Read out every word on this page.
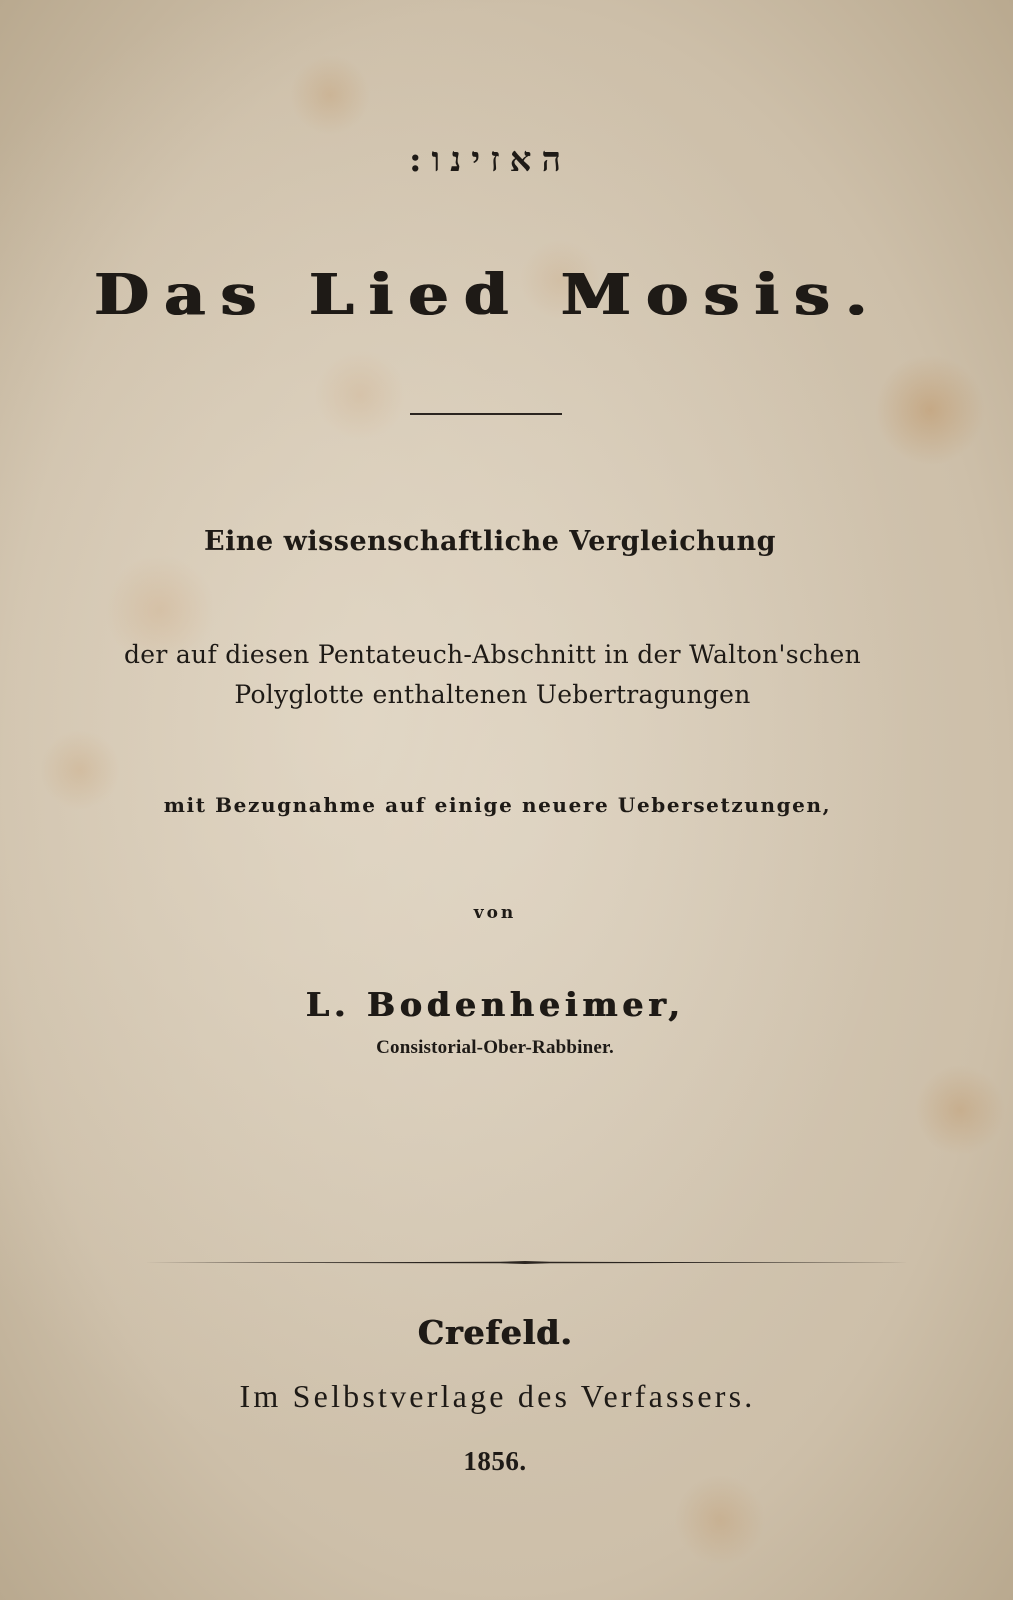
האזינו:
Das Lied Mosis.
Eine wissenschaftliche Vergleichung
der auf diesen Pentateuch-Abschnitt in der Walton'schen
Polyglotte enthaltenen Uebertragungen
mit Bezugnahme auf einige neuere Uebersetzungen,
von
L. Bodenheimer,
Consistorial-Ober-Rabbiner.
Crefeld.
Im Selbstverlage des Verfassers.
1856.
